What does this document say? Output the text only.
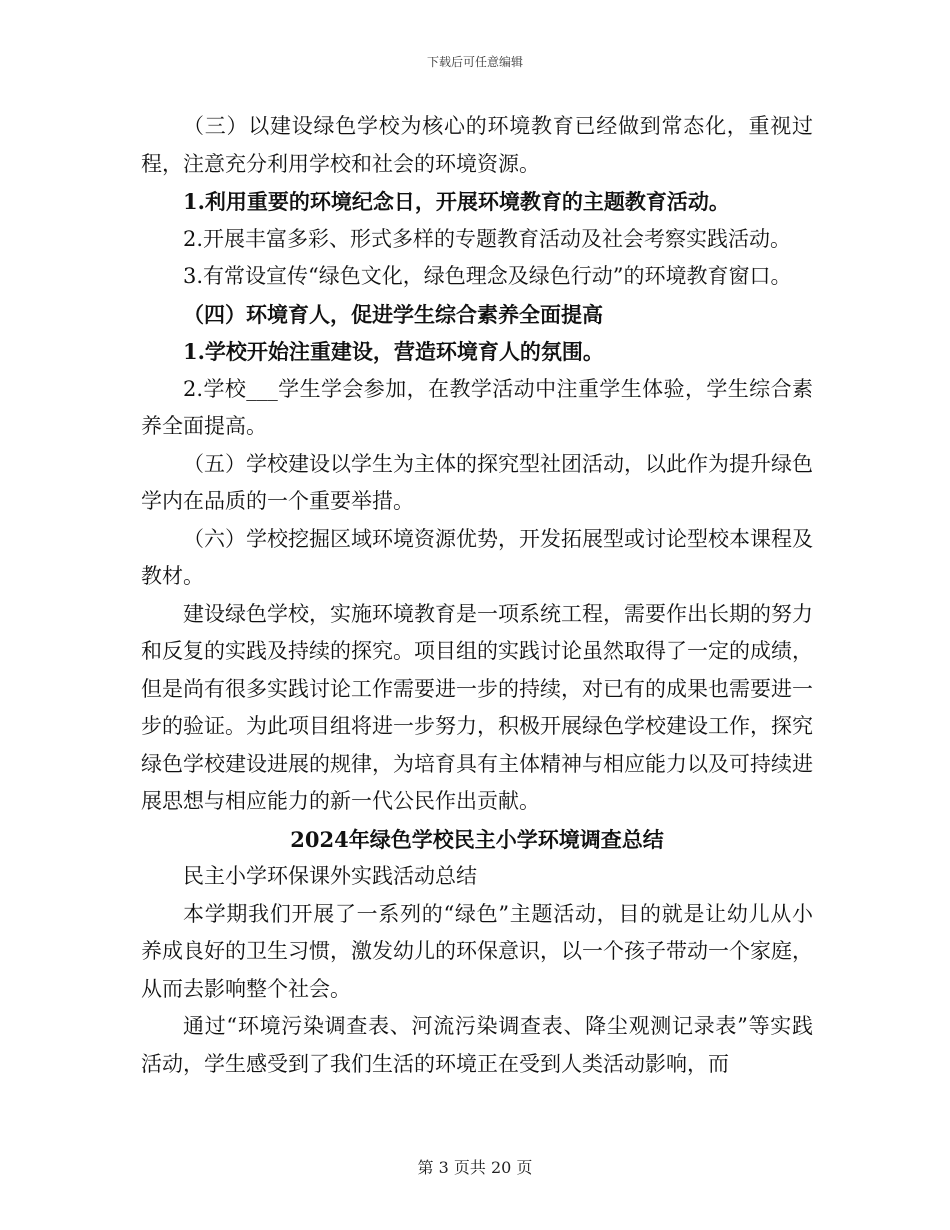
下载后可任意编辑

（三）以建设绿色学校为核心的环境教育已经做到常态化，重视过程，注意充分利用学校和社会的环境资源。

1.利用重要的环境纪念日，开展环境教育的主题教育活动。

2.开展丰富多彩、形式多样的专题教育活动及社会考察实践活动。

3.有常设宣传“绿色文化，绿色理念及绿色行动”的环境教育窗口。

（四）环境育人，促进学生综合素养全面提高

1.学校开始注重建设，营造环境育人的氛围。

2.学校___学生学会参加，在教学活动中注重学生体验，学生综合素养全面提高。

（五）学校建设以学生为主体的探究型社团活动，以此作为提升绿色学内在品质的一个重要举措。

（六）学校挖掘区域环境资源优势，开发拓展型或讨论型校本课程及教材。

建设绿色学校，实施环境教育是一项系统工程，需要作出长期的努力和反复的实践及持续的探究。项目组的实践讨论虽然取得了一定的成绩，但是尚有很多实践讨论工作需要进一步的持续，对已有的成果也需要进一步的验证。为此项目组将进一步努力，积极开展绿色学校建设工作，探究绿色学校建设进展的规律，为培育具有主体精神与相应能力以及可持续进展思想与相应能力的新一代公民作出贡献。

2024年绿色学校民主小学环境调查总结

民主小学环保课外实践活动总结

本学期我们开展了一系列的“绿色”主题活动，目的就是让幼儿从小养成良好的卫生习惯，激发幼儿的环保意识，以一个孩子带动一个家庭，从而去影响整个社会。

通过“环境污染调查表、河流污染调查表、降尘观测记录表”等实践活动，学生感受到了我们生活的环境正在受到人类活动影响，而

第 3 页共 20 页
